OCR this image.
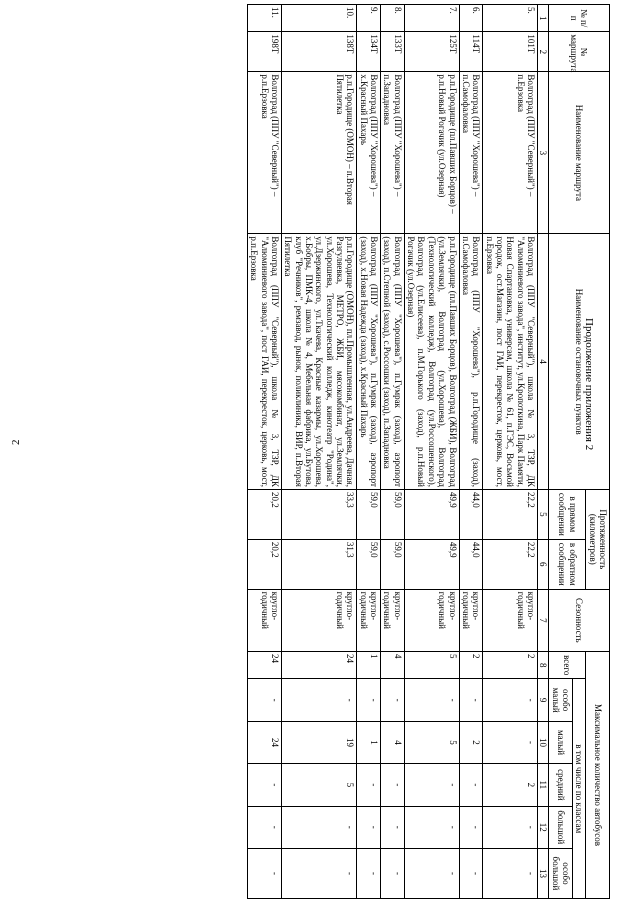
2	Продолжение приложения 2
№ п/п	№ маршрута	Наименование маршрута	Наименование остановочных пунктов	Протяженность (километров)		Сезонность	Максимальное количество автобусов					
				в прямом сообщении	в обратном сообщении		всего	в том числе по классам				
								особо малый	малый	средний	большой	особо большой
1	2	3	4	5	6	7	8	9	10	11	12	13
5.	101Т	Волгоград (ППУ "Северный") – п.Ерзовка	Волгоград (ППУ "Северный"), школа № 3, ТЗР, ДК "Алюминиевого завода", институт, ул.Кропоткина, Парк Памяти, Новая Спартановка, универсам, школа № 61, п.ГЭС, Восьмой городок, ост.Магазин, пост ГАИ, перекресток, церковь, мост, п.Ерзовка	22,2	22,2	кругло-годичный	2	-	-	2	-	-
6.	114Т	Волгоград (ППУ "Хорошева") – п.Самофаловка	Волгоград (ППУ "Хорошева"), р.п.Городище (заход), п.Самофаловка	44,0	44,0	кругло-годичный	2	-	2	-	-	-
7.	125Т	р.п.Городище (пл.Павших Борцов) – р.п.Новый Рогачик (ул.Озерная)	р.п.Городище (пл.Павших Борцов), Волгоград (ЖБИ), Волгоград (ул.Землячки), Волгоград (ул.Хорошева), Волгоград (Технологический колледж), Волгоград (ул.Россошенского), Волгоград (ул.Елисеева), п.М.Горького (заход), р.п.Новый Рогачик (ул.Озерная)	49,9	49,9	кругло-годичный	5	-	5	-	-	-
8.	133Т	Волгоград (ППУ "Хорошева") – п.Западновка	Волгоград (ППУ "Хорошева"), п.Гумрак (заход), аэропорт (заход), п.Степной (заход), с.Россошки (заход), п.Западновка	59,0	59,0	кругло-годичный	4	-	4	-	-	-
9.	134Т	Волгоград (ППУ "Хорошева") – х.Красный Пахарь	Волгоград (ППУ "Хорошева"), п.Гумрак (заход), аэропорт (заход), х.Новая Надежда (заход), х.Красный Пахарь	59,0	59,0	кругло-годичный	1	-	1	-	-	-
10.	138Т	р.п.Городище (ОМОН) – п.Вторая Пятилетка	р.п.Городище (ОМОН), пл.Промышленная, ул.Андреева, Дачная, Разгуляевка, МЕТРО, ЖБИ, мясокомбинат, ул.Землячки, ул.Хорошева, Технологический колледж, кинотеатр "Родина", ул.Дзержинского, ул.Ткачева, Красные казармы, ул.Хорошева, х.Бобры, ПМК-4, школа № 4, Мебельная фабрика, ул.Бутова, клуб "Речников", ремзавод, рынок, поликлиника, ВИР, п.Вторая Пятилетка	33,3	31,3	кругло-годичный	24	-	19	5	-	-
11.	198Т	Волгоград (ППУ "Северный") – р.п.Ерзовка	Волгоград (ППУ "Северный"), школа № 3, ТЗР, ДК "Алюминиевого завода", пост ГАИ, перекресток, церковь, мост, р.п.Ерзовка	20,2	20,2	кругло-годичный	24	-	24	-	-	-
